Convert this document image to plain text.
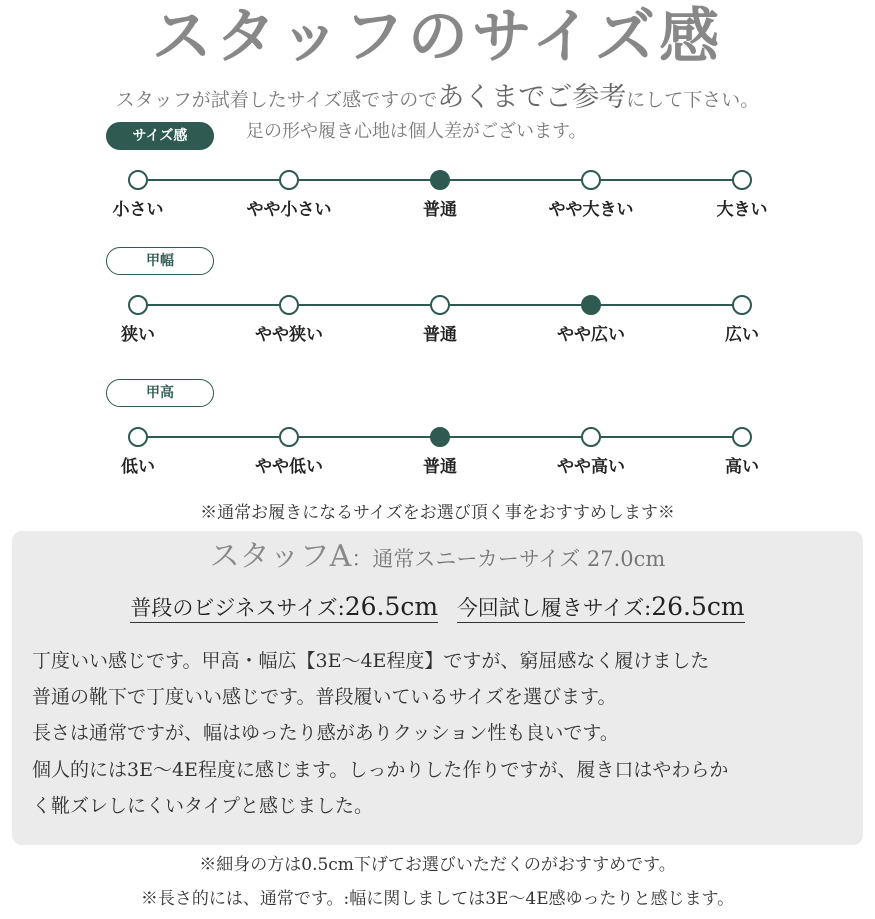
スタッフのサイズ感
スタッフが試着したサイズ感ですのであくまでご参考にして下さい。
足の形や履き心地は個人差がございます。
サイズ感
小さい	やや小さい	普通	やや大きい	大きい
甲幅
狭い	やや狭い	普通	やや広い	広い
甲高
低い	やや低い	普通	やや高い	高い
※通常お履きになるサイズをお選び頂く事をおすすめします※
スタッフA：通常スニーカーサイズ 27.0cm
普段のビジネスサイズ:26.5cm 今回試し履きサイズ:26.5cm

丁度いい感じです。甲高・幅広【3E～4E程度】ですが、窮屈感なく履けました

普通の靴下で丁度いい感じです。普段履いているサイズを選びます。

長さは通常ですが、幅はゆったり感がありクッション性も良いです。

個人的には3E～4E程度に感じます。しっかりした作りですが、履き口はやわらか

く靴ズレしにくいタイプと感じました。

※細身の方は0.5cm下げてお選びいただくのがおすすめです。
※長さ的には、通常です。:幅に関しましては3E～4E感ゆったりと感じます。
